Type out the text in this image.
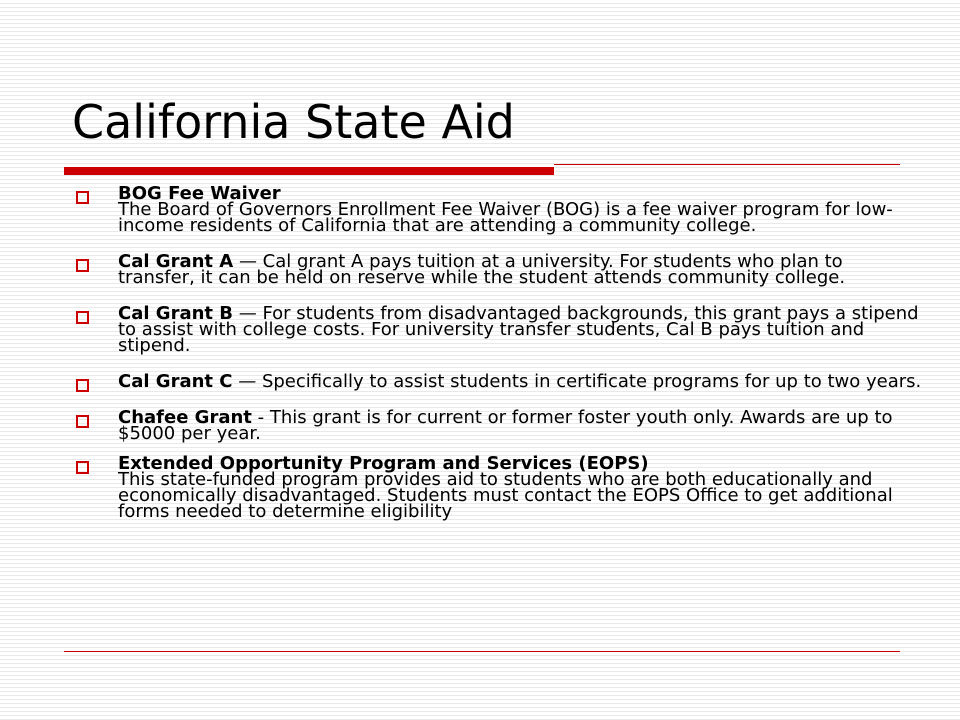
California State Aid
BOG Fee Waiver
The Board of Governors Enrollment Fee Waiver (BOG) is a fee waiver program for low-income residents of California that are attending a community college.
Cal Grant A — Cal grant A pays tuition at a university. For students who plan to transfer, it can be held on reserve while the student attends community college.
Cal Grant B — For students from disadvantaged backgrounds, this grant pays a stipend to assist with college costs. For university transfer students, Cal B pays tuition and stipend.
Cal Grant C — Specifically to assist students in certificate programs for up to two years.
Chafee Grant - This grant is for current or former foster youth only. Awards are up to $5000 per year.
Extended Opportunity Program and Services (EOPS)
This state-funded program provides aid to students who are both educationally and economically disadvantaged. Students must contact the EOPS Office to get additional forms needed to determine eligibility
